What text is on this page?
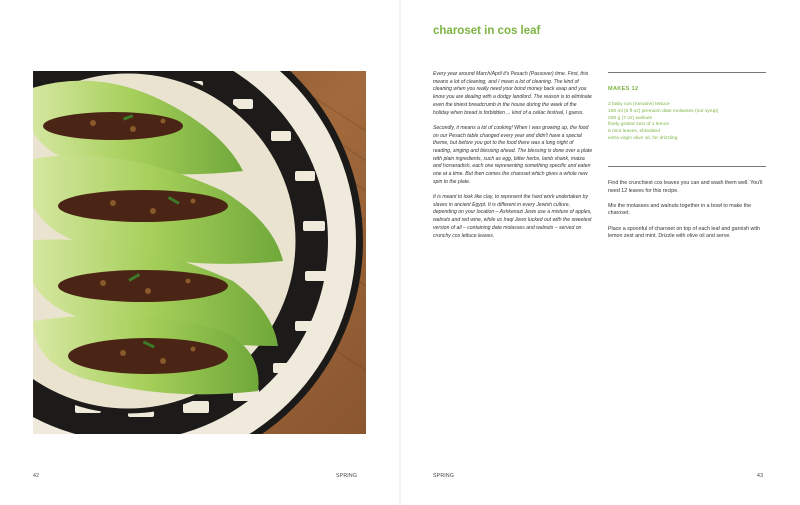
42	SPRING
charoset in cos leaf

Every year around March/April it's Pesach (Passover) time. First, this means a lot of cleaning, and I mean a lot of cleaning. The kind of cleaning when you really need your bond money back asap and you know you are dealing with a dodgy landlord. The reason is to eliminate even the tiniest breadcrumb in the house during the week of the holiday when bread is forbidden ... kind of a celiac festival, I guess.

Secondly, it means a lot of cooking! When I was growing up, the food on our Pesach table changed every year and didn't have a special theme, but before you got to the food there was a long night of reading, singing and blessing ahead. The blessing is done over a plate with plain ingredients, such as egg, bitter herbs, lamb shank, matza and horseradish, each one representing something specific and eaten one at a time. But then comes the charoset which gives a whole new spin to the plate.

It is meant to look like clay, to represent the hard work undertaken by slaves in ancient Egypt. It is different in every Jewish culture, depending on your location – Ashkenazi Jews use a mixture of apples, walnuts and red wine, while us Iraqi Jews lucked out with the sweetest version of all – containing date molasses and walnuts – served on crunchy cos lettuce leaves.

MAKES 12
2 baby cos (romaine) lettuce
150 ml (5 fl oz) premium date molasses (not syrup)
200 g (7 oz) walnuts
finely grated zest of 1 lemon
5 mint leaves, shredded
extra virgin olive oil, for drizzling

Find the crunchiest cos leaves you can and wash them well. You'll need 12 leaves for this recipe.

Mix the molasses and walnuts together in a bowl to make the charoset.

Place a spoonful of charoset on top of each leaf and garnish with lemon zest and mint. Drizzle with olive oil and serve.

SPRING	43
